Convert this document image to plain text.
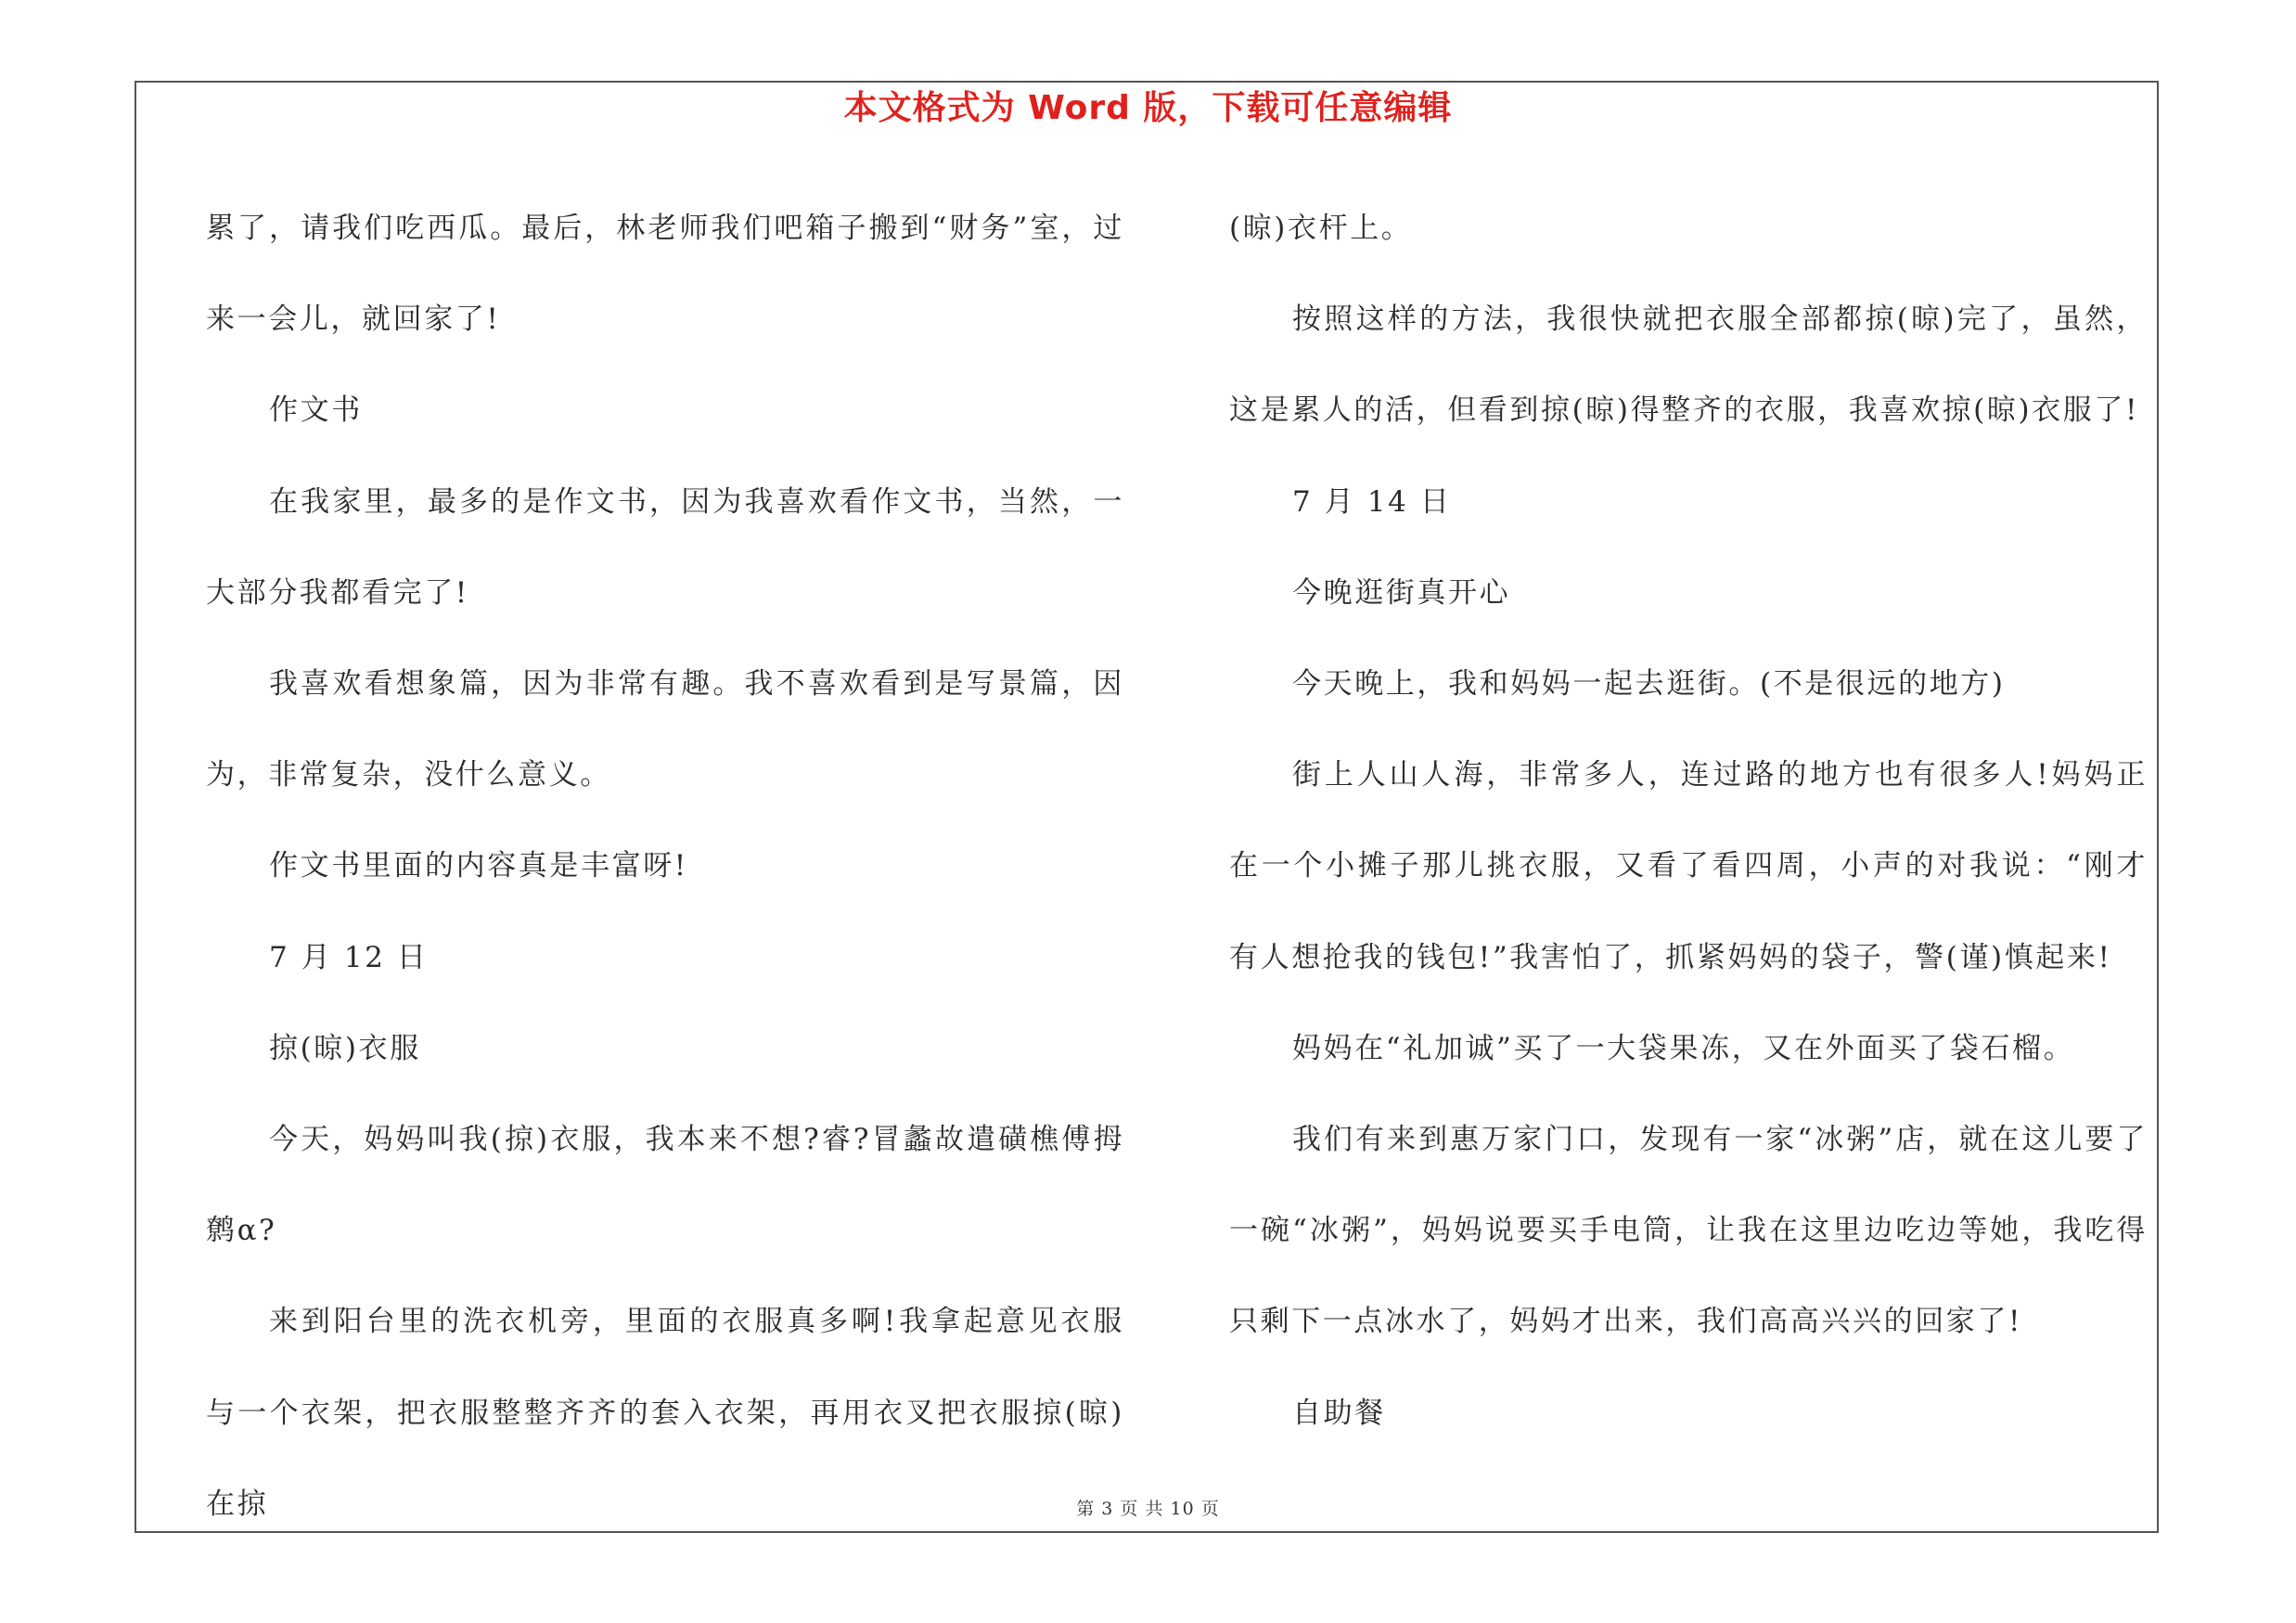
本文格式为 Word 版，下载可任意编辑

累了，请我们吃西瓜。最后，林老师我们吧箱子搬到“财务”室，过来一会儿，就回家了!

作文书

在我家里，最多的是作文书，因为我喜欢看作文书，当然，一大部分我都看完了!

我喜欢看想象篇，因为非常有趣。我不喜欢看到是写景篇，因为，非常复杂，没什么意义。

作文书里面的内容真是丰富呀!

7 月 12 日

掠(晾)衣服

今天，妈妈叫我(掠)衣服，我本来不想?睿?冒蠡故遣磺樵傅拇鹩α?

来到阳台里的洗衣机旁，里面的衣服真多啊!我拿起意见衣服与一个衣架，把衣服整整齐齐的套入衣架，再用衣叉把衣服掠(晾)在掠

(晾)衣杆上。

按照这样的方法，我很快就把衣服全部都掠(晾)完了，虽然，这是累人的活，但看到掠(晾)得整齐的衣服，我喜欢掠(晾)衣服了!

7 月 14 日

今晚逛街真开心

今天晚上，我和妈妈一起去逛街。(不是很远的地方)

街上人山人海，非常多人，连过路的地方也有很多人!妈妈正在一个小摊子那儿挑衣服，又看了看四周，小声的对我说：“刚才有人想抢我的钱包!”我害怕了，抓紧妈妈的袋子，警(谨)慎起来!

妈妈在“礼加诚”买了一大袋果冻，又在外面买了袋石榴。

我们有来到惠万家门口，发现有一家“冰粥”店，就在这儿要了一碗“冰粥”，妈妈说要买手电筒，让我在这里边吃边等她，我吃得只剩下一点冰水了，妈妈才出来，我们高高兴兴的回家了!

自助餐

第 3 页 共 10 页
